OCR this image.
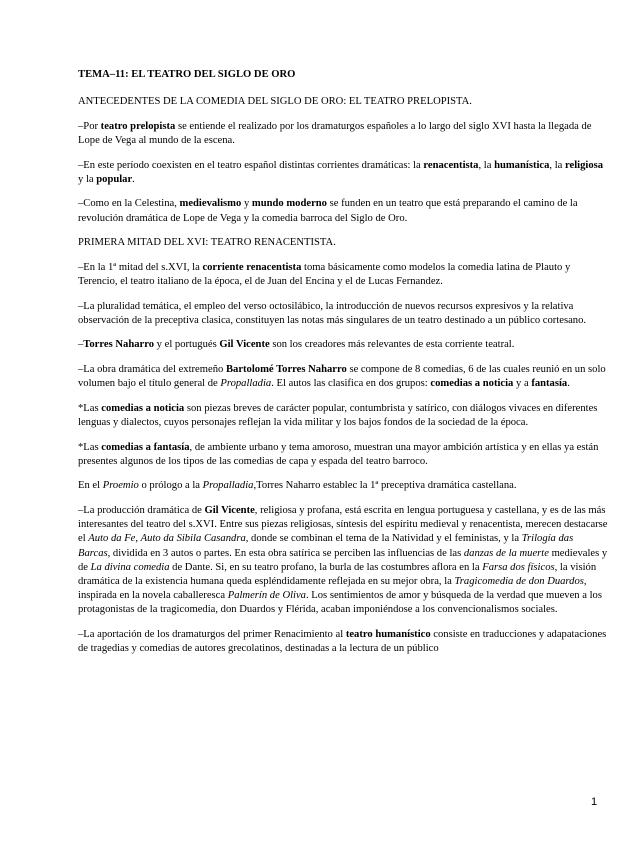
TEMA–11: EL TEATRO DEL SIGLO DE ORO
ANTECEDENTES DE LA COMEDIA DEL SIGLO DE ORO: EL TEATRO PRELOPISTA.

–Por teatro prelopista se entiende el realizado por los dramaturgos españoles a lo largo del siglo XVI hasta la llegada de Lope de Vega al mundo de la escena.

–En este período coexisten en el teatro español distintas corrientes dramáticas: la renacentista, la humanística, la religiosa y la popular.

–Como en la Celestina, medievalismo y mundo moderno se funden en un teatro que está preparando el camino de la revolución dramática de Lope de Vega y la comedia barroca del Siglo de Oro.

PRIMERA MITAD DEL XVI: TEATRO RENACENTISTA.

–En la 1ª mitad del s.XVI, la corriente renacentista toma básicamente como modelos la comedia latina de Plauto y Terencio, el teatro italiano de la época, el de Juan del Encina y el de Lucas Fernandez.

–La pluralidad temática, el empleo del verso octosilábico, la introducción de nuevos recursos expresivos y la relativa observación de la preceptiva clasica, constituyen las notas más singulares de un teatro destinado a un público cortesano.

–Torres Naharro y el portugués Gil Vicente son los creadores más relevantes de esta corriente teatral.

–La obra dramática del extremeño Bartolomé Torres Naharro se compone de 8 comedias, 6 de las cuales reunió en un solo volumen bajo el título general de Propalladia. El autos las clasifica en dos grupos: comedias a noticia y a fantasía.

*Las comedias a noticia son piezas breves de carácter popular, contumbrista y satírico, con diálogos vivaces en diferentes lenguas y dialectos, cuyos personajes reflejan la vida militar y los bajos fondos de la sociedad de la época.

*Las comedias a fantasía, de ambiente urbano y tema amoroso, muestran una mayor ambición artística y en ellas ya están presentes algunos de los tipos de las comedias de capa y espada del teatro barroco.

En el Proemio o prólogo a la Propalladia,Torres Naharro establec la 1ª preceptiva dramática castellana.

–La producción dramática de Gil Vicente, religiosa y profana, está escrita en lengua portuguesa y castellana, y es de las más interesantes del teatro del s.XVI. Entre sus piezas religiosas, síntesis del espíritu medieval y renacentista, merecen destacarse el Auto da Fe, Auto da Sibila Casandra, donde se combinan el tema de la Natividad y el feministas, y la Trilogía das Barcas, dividida en 3 autos o partes. En esta obra satírica se perciben las influencias de las danzas de la muerte medievales y de La divina comedia de Dante. Si, en su teatro profano, la burla de las costumbres aflora en la Farsa dos físicos, la visión dramática de la existencia humana queda espléndidamente reflejada en su mejor obra, la Tragicomedia de don Duardos, inspirada en la novela caballeresca Palmerín de Oliva. Los sentimientos de amor y búsqueda de la verdad que mueven a los protagonistas de la tragicomedia, don Duardos y Flérida, acaban imponiéndose a los convencionalismos sociales.

–La aportación de los dramaturgos del primer Renacimiento al teatro humanístico consiste en traducciones y adapataciones de tragedias y comedias de autores grecolatinos, destinadas a la lectura de un público

1
